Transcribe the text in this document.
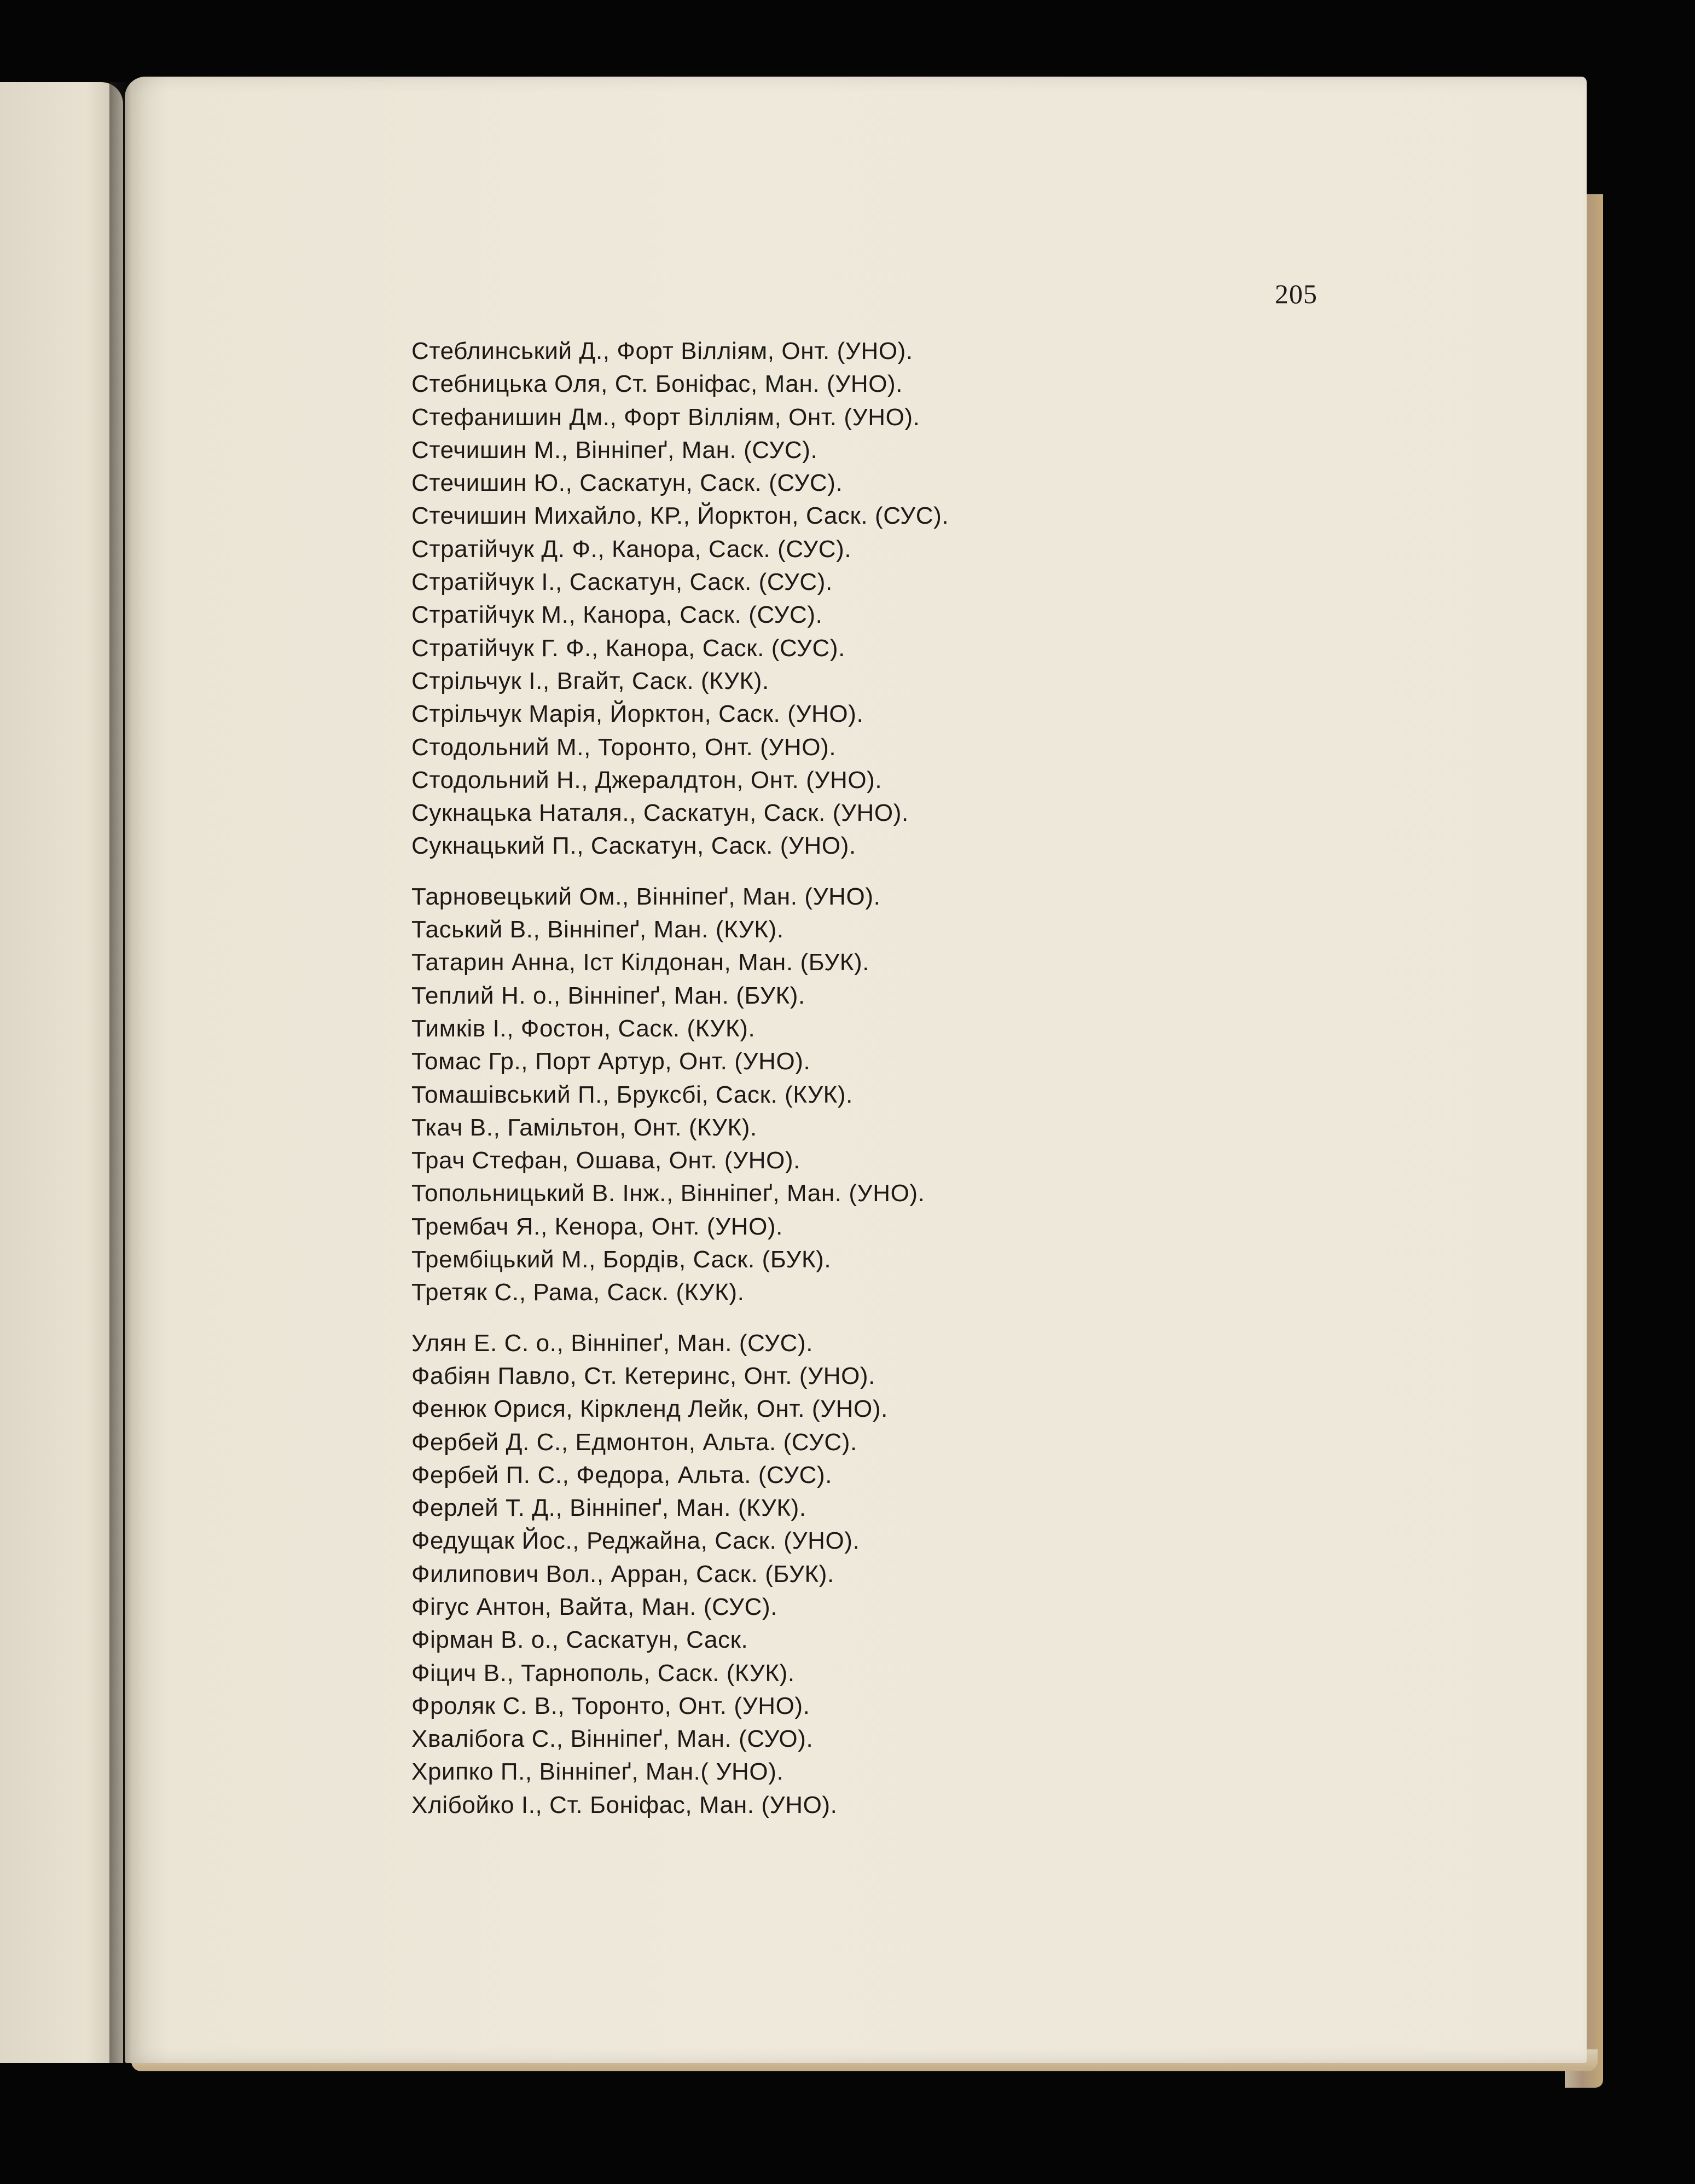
205
Стеблинський Д., Форт Вілліям, Онт. (УНО).
Стебницька Оля, Ст. Боніфас, Ман. (УНО).
Стефанишин Дм., Форт Вілліям, Онт. (УНО).
Стечишин М., Вінніпеґ, Ман. (СУС).
Стечишин Ю., Саскатун, Саск. (СУС).
Стечишин Михайло, КР., Йорктон, Саск. (СУС).
Стратійчук Д. Ф., Канора, Саск. (СУС).
Стратійчук І., Саскатун, Саск. (СУС).
Стратійчук М., Канора, Саск. (СУС).
Стратійчук Г. Ф., Канора, Саск. (СУС).
Стрільчук І., Вгайт, Саск. (КУК).
Стрільчук Марія, Йорктон, Саск. (УНО).
Стодольний М., Торонто, Онт. (УНО).
Стодольний Н., Джералдтон, Онт. (УНО).
Сукнацька Наталя., Саскатун, Саск. (УНО).
Сукнацький П., Саскатун, Саск. (УНО).
Тарновецький Ом., Вінніпеґ, Ман. (УНО).
Таський В., Вінніпеґ, Ман. (КУК).
Татарин Анна, Іст Кілдонан, Ман. (БУК).
Теплий Н. о., Вінніпеґ, Ман. (БУК).
Тимків І., Фостон, Саск. (КУК).
Томас Гр., Порт Артур, Онт. (УНО).
Томашівський П., Бруксбі, Саск. (КУК).
Ткач В., Гамільтон, Онт. (КУК).
Трач Стефан, Ошава, Онт. (УНО).
Топольницький В. Інж., Вінніпеґ, Ман. (УНО).
Трембач Я., Кенора, Онт. (УНО).
Трембіцький М., Бордів, Саск. (БУК).
Третяк С., Рама, Саск. (КУК).
Улян Е. С. о., Вінніпеґ, Ман. (СУС).
Фабіян Павло, Ст. Кетеринс, Онт. (УНО).
Фенюк Орися, Кіркленд Лейк, Онт. (УНО).
Фербей Д. С., Едмонтон, Альта. (СУС).
Фербей П. С., Федора, Альта. (СУС).
Ферлей Т. Д., Вінніпеґ, Ман. (КУК).
Федущак Йос., Реджайна, Саск. (УНО).
Филипович Вол., Арран, Саск. (БУК).
Фігус Антон, Вайта, Ман. (СУС).
Фірман В. о., Саскатун, Саск.
Фіцич В., Тарнополь, Саск. (КУК).
Фроляк С. В., Торонто, Онт. (УНО).
Хвалібога С., Вінніпеґ, Ман. (СУО).
Хрипко П., Вінніпеґ, Ман.( УНО).
Хлібойко І., Ст. Боніфас, Ман. (УНО).
